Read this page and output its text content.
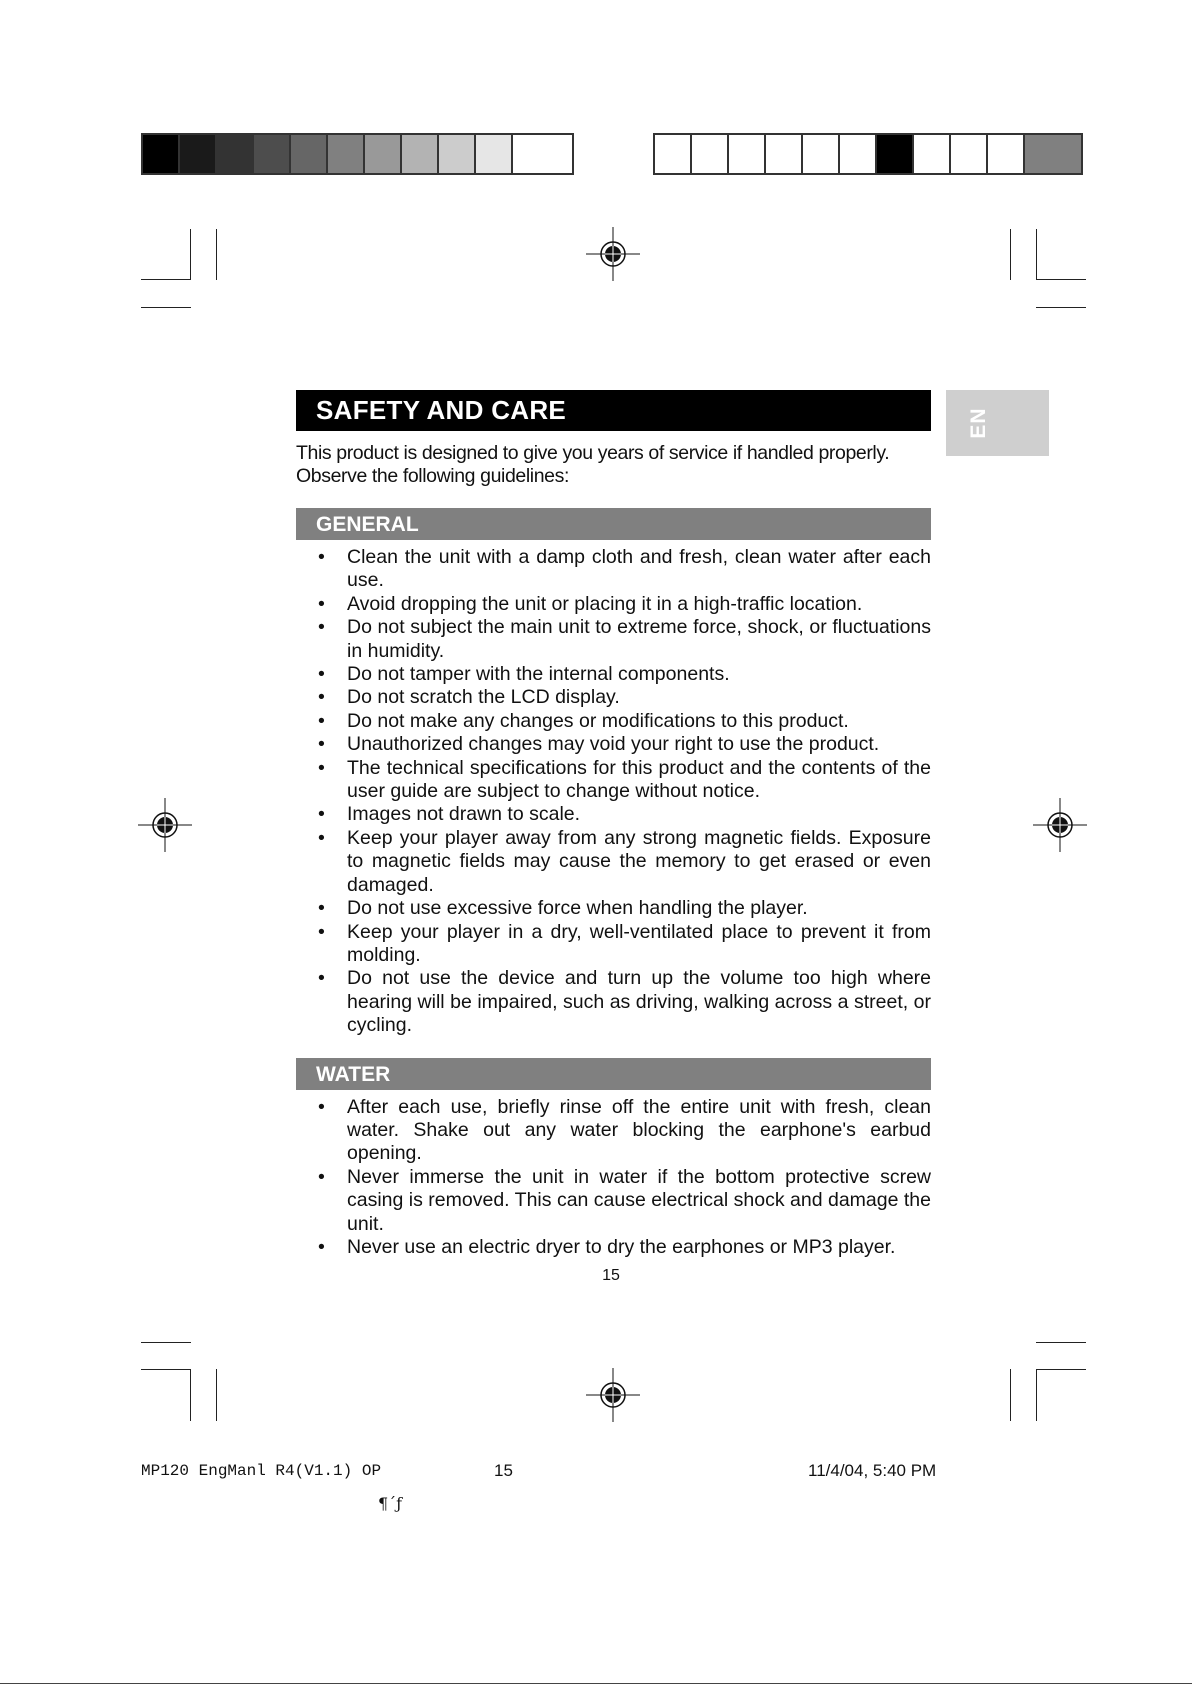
EN
SAFETY AND CARE
This product is designed to give you years of service if handled properly. Observe the following guidelines:
GENERAL
• Clean the unit with a damp cloth and fresh, clean water after each use.
• Avoid dropping the unit or placing it in a high-traffic location.
• Do not subject the main unit to extreme force, shock, or fluctuations in humidity.
• Do not tamper with the internal components.
• Do not scratch the LCD display.
• Do not make any changes or modifications to this product.
• Unauthorized changes may void your right to use the product.
• The technical specifications for this product and the contents of the user guide are subject to change without notice.
• Images not drawn to scale.
• Keep your player away from any strong magnetic fields. Exposure to magnetic fields may cause the memory to get erased or even damaged.
• Do not use excessive force when handling the player.
• Keep your player in a dry, well-ventilated place to prevent it from molding.
• Do not use the device and turn up the volume too high where hearing will be impaired, such as driving, walking across a street, or cycling.
WATER
• After each use, briefly rinse off the entire unit with fresh, clean water. Shake out any water blocking the earphone's earbud opening.
• Never immerse the unit in water if the bottom protective screw casing is removed. This can cause electrical shock and damage the unit.
• Never use an electric dryer to dry the earphones or MP3 player.
15
MP120 EngManl R4(V1.1) OP	15	11/4/04, 5:40 PM
¶´ƒ
